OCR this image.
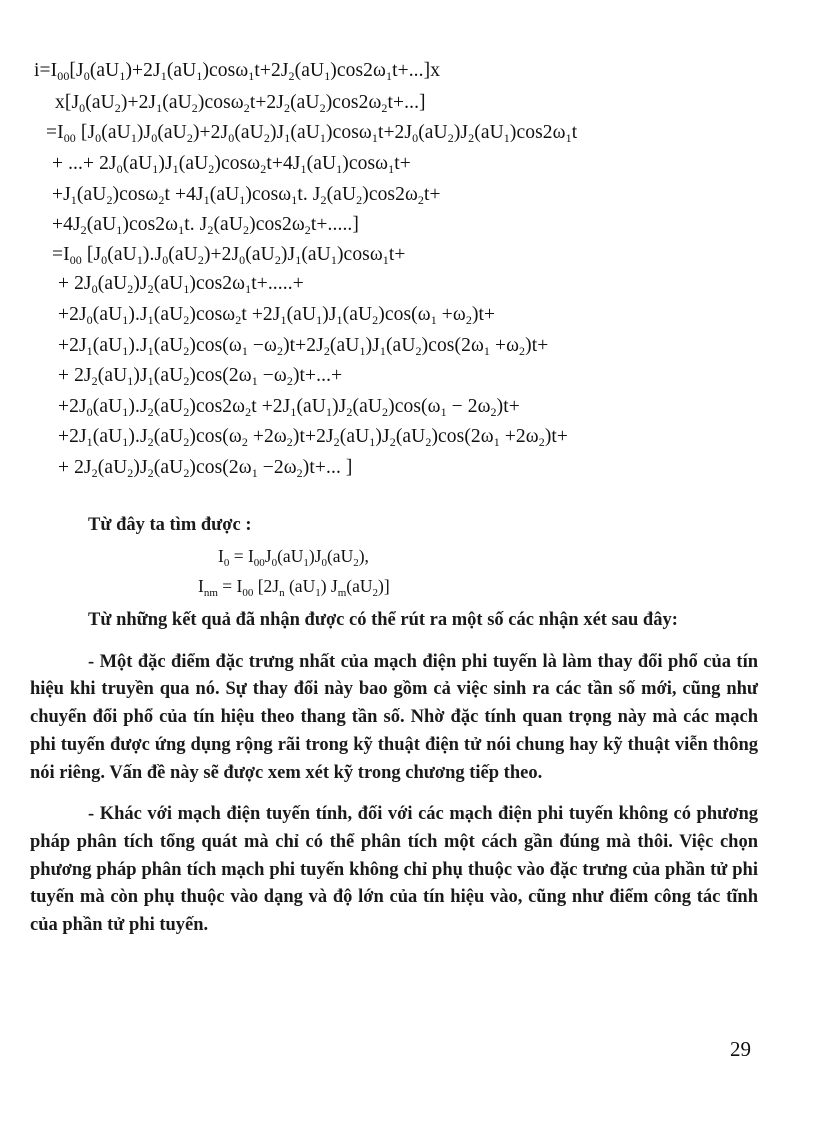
$i=I_{00}[J_0(aU_1)+2J_1(aU_1)\cos\omega_1t+2J_2(aU_1)\cos 2\omega_1t+...]x$
$x[J_0(aU_2)+2J_1(aU_2)\cos\omega_2t+2J_2(aU_2)\cos 2\omega_2t+...]$
$=I_{00}$ [$J_0(aU_1)J_0(aU_2)+2J_0(aU_2)J_1(aU_1)\cos\omega_1t+2J_0(aU_2)J_2(aU_1)\cos 2\omega_1t$
+ ...+ $2J_0(aU_1)J_1(aU_2)\cos\omega_2t+4J_1(aU_1)\cos\omega_1t+$
$+J_1(aU_2)\cos\omega_2t +4J_1(aU_1)\cos\omega_1t$. $J_2(aU_2)\cos 2\omega_2t+$
$+4J_2(aU_1)\cos 2\omega_1t$. $J_2(aU_2)\cos 2\omega_2t+$.....]
$=I_{00}$ [$J_0(aU_1).J_0(aU_2)+2J_0(aU_2)J_1(aU_1)\cos\omega_1t+$
+ $2J_0(aU_2)J_2(aU_1)\cos 2\omega_1t+.....+$
$+2J_0(aU_1).J_1(aU_2)\cos\omega_2t +2J_1(aU_1)J_1(aU_2)\cos(\omega_1 +\omega_2)t+$
$+2J_1(aU_1).J_1(aU_2)\cos(\omega_1 -\omega_2)t+2J_2(aU_1)J_1(aU_2)\cos(2\omega_1 +\omega_2)t+$
+ $2J_2(aU_1)J_1(aU_2)\cos(2\omega_1 -\omega_2)t+...+$
$+2J_0(aU_1).J_2(aU_2)\cos 2\omega_2t +2J_1(aU_1)J_2(aU_2)\cos(\omega_1 - 2\omega_2)t+$
$+2J_1(aU_1).J_2(aU_2)\cos(\omega_2 +2\omega_2)t+2J_2(aU_1)J_2(aU_2)\cos(2\omega_1 +2\omega_2)t+$
+ $2J_2(aU_2)J_2(aU_2)\cos(2\omega_1 -2\omega_2)t+$... ]

Từ đây ta tìm được :

$I_0 = I_{00}J_0(aU_1)J_0(aU_2)$,
$I_{nm} = I_{00}$ [$2J_n$ $(aU_1)$ $J_m(aU_2)$]

Từ những kết quả đã nhận được có thể rút ra một số các nhận xét sau đây:

- Một đặc điểm đặc trưng nhất của mạch điện phi tuyến là làm thay đổi phổ của tín hiệu khi truyền qua nó. Sự thay đổi này bao gồm cả việc sinh ra các tần số mới, cũng như chuyển đổi phổ của tín hiệu theo thang tần số. Nhờ đặc tính quan trọng này mà các mạch phi tuyến được ứng dụng rộng rãi trong kỹ thuật điện tử nói chung hay kỹ thuật viễn thông nói riêng. Vấn đề này sẽ được xem xét kỹ trong chương tiếp theo.

- Khác với mạch điện tuyến tính, đối với các mạch điện phi tuyến không có phương pháp phân tích tổng quát mà chỉ có thể phân tích một cách gần đúng mà thôi. Việc chọn phương pháp phân tích mạch phi tuyến không chỉ phụ thuộc vào đặc trưng của phần tử phi tuyến mà còn phụ thuộc vào dạng và độ lớn của tín hiệu vào, cũng như điểm công tác tĩnh của phần tử phi tuyến.

29
